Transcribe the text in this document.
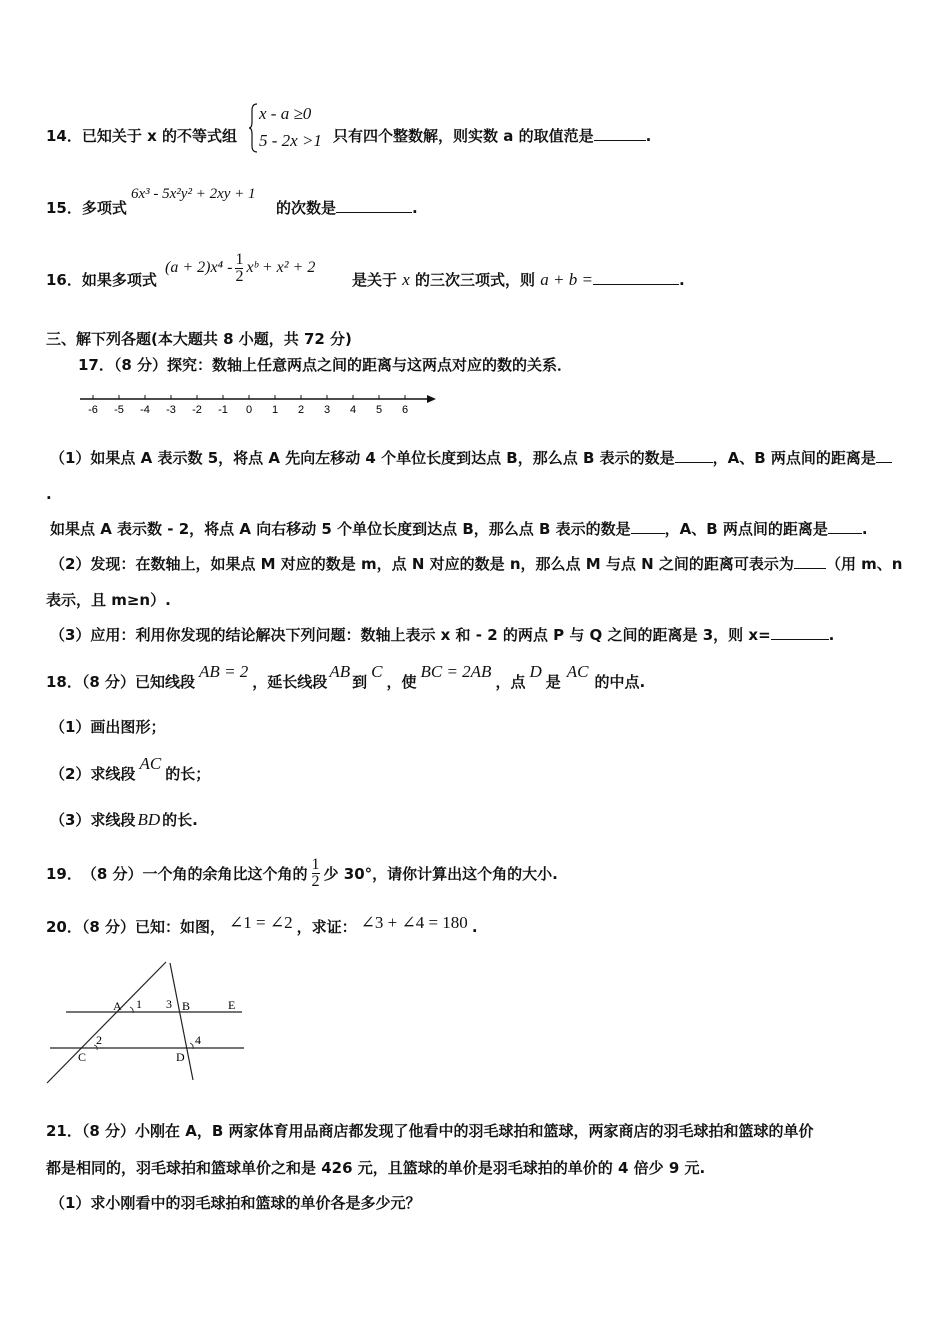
14．已知关于 x 的不等式组
x - a ≥0
5 - 2x >1 只有四个整数解，则实数 a 的取值范是	.
15．多项式
6x³ - 5x²y² + 2xy + 1
的次数是	.
16．如果多项式
$(a + 2)x^4 - \frac{1}{2}$ xᵇ + x² + 2
是关于 x 的三次三项式，则 a + b =	.
三、解下列各题(本大题共 8 小题，共 72 分)
17．（8 分）探究：数轴上任意两点之间的距离与这两点对应的数的关系．
-6 -5 -4 -3 -2 -1 0 1 2 3 4 5 6
（1）如果点 A 表示数 5，将点 A 先向左移动 4 个单位长度到达点 B，那么点 B 表示的数是	，A、B 两点间的距离是
.
如果点 A 表示数 - 2，将点 A 向右移动 5 个单位长度到达点 B，那么点 B 表示的数是 ，A、B 两点间的距离是 .
（2）发现：在数轴上，如果点 M 对应的数是 m，点 N 对应的数是 n，那么点 M 与点 N 之间的距离可表示为 （用 m、n
表示，且 m≥n）.
（3）应用：利用你发现的结论解决下列问题：数轴上表示 x 和 - 2 的两点 P 与 Q 之间的距离是 3，则 x=	.
18．（8 分）已知线段AB = 2，延长线段AB到C，使BC = 2AB，点D是AC的中点.
（1）画出图形；
（2）求线段AC的长；
（3）求线段 BD 的长.
19． （8 分）一个角的余角比这个角的 $\frac{1}{2}$ 少 30°，请你计算出这个角的大小.
20．（8 分）已知：如图， ∠1 = ∠2 ，求证： ∠3 + ∠4 = 180 .
A 1 3 B	E
2
C	D
4
21．（8 分）小刚在 A，B 两家体育用品商店都发现了他看中的羽毛球拍和篮球，两家商店的羽毛球拍和篮球的单价
都是相同的，羽毛球拍和篮球单价之和是 426 元，且篮球的单价是羽毛球拍的单价的 4 倍少 9 元.
（1）求小刚看中的羽毛球拍和篮球的单价各是多少元？
